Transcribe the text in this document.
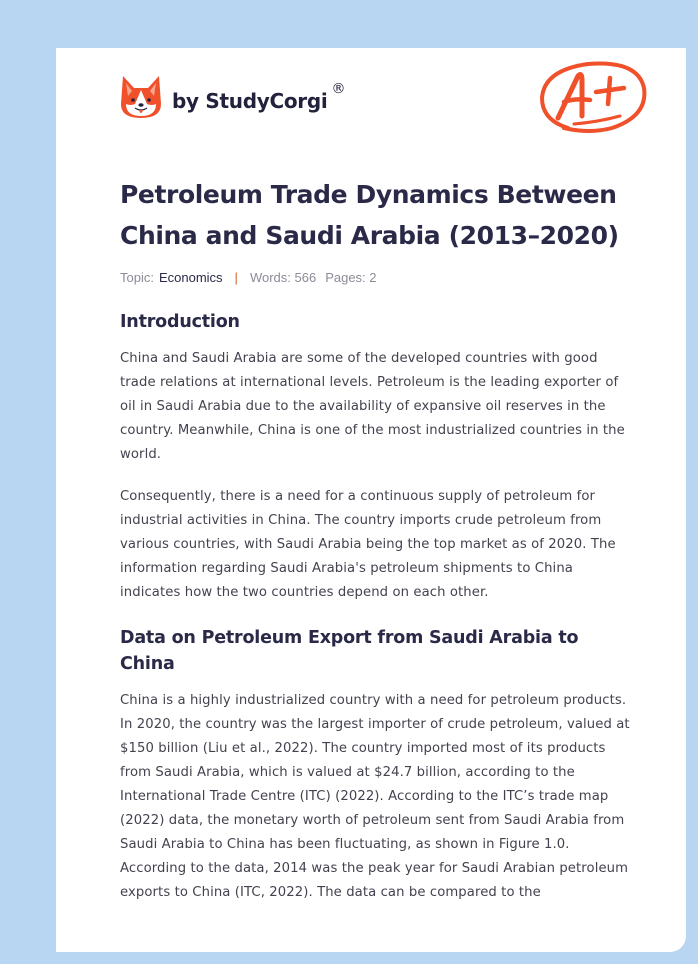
by StudyCorgi ®
Petroleum Trade Dynamics Between China and Saudi Arabia (2013–2020)
Topic: Economics | Words: 566 Pages: 2
Introduction

China and Saudi Arabia are some of the developed countries with good trade relations at international levels. Petroleum is the leading exporter of oil in Saudi Arabia due to the availability of expansive oil reserves in the country. Meanwhile, China is one of the most industrialized countries in the world.

Consequently, there is a need for a continuous supply of petroleum for industrial activities in China. The country imports crude petroleum from various countries, with Saudi Arabia being the top market as of 2020. The information regarding Saudi Arabia's petroleum shipments to China indicates how the two countries depend on each other.

Data on Petroleum Export from Saudi Arabia to China

China is a highly industrialized country with a need for petroleum products. In 2020, the country was the largest importer of crude petroleum, valued at $150 billion (Liu et al., 2022). The country imported most of its products from Saudi Arabia, which is valued at $24.7 billion, according to the International Trade Centre (ITC) (2022). According to the ITC’s trade map (2022) data, the monetary worth of petroleum sent from Saudi Arabia from Saudi Arabia to China has been fluctuating, as shown in Figure 1.0. According to the data, 2014 was the peak year for Saudi Arabian petroleum exports to China (ITC, 2022). The data can be compared to the
